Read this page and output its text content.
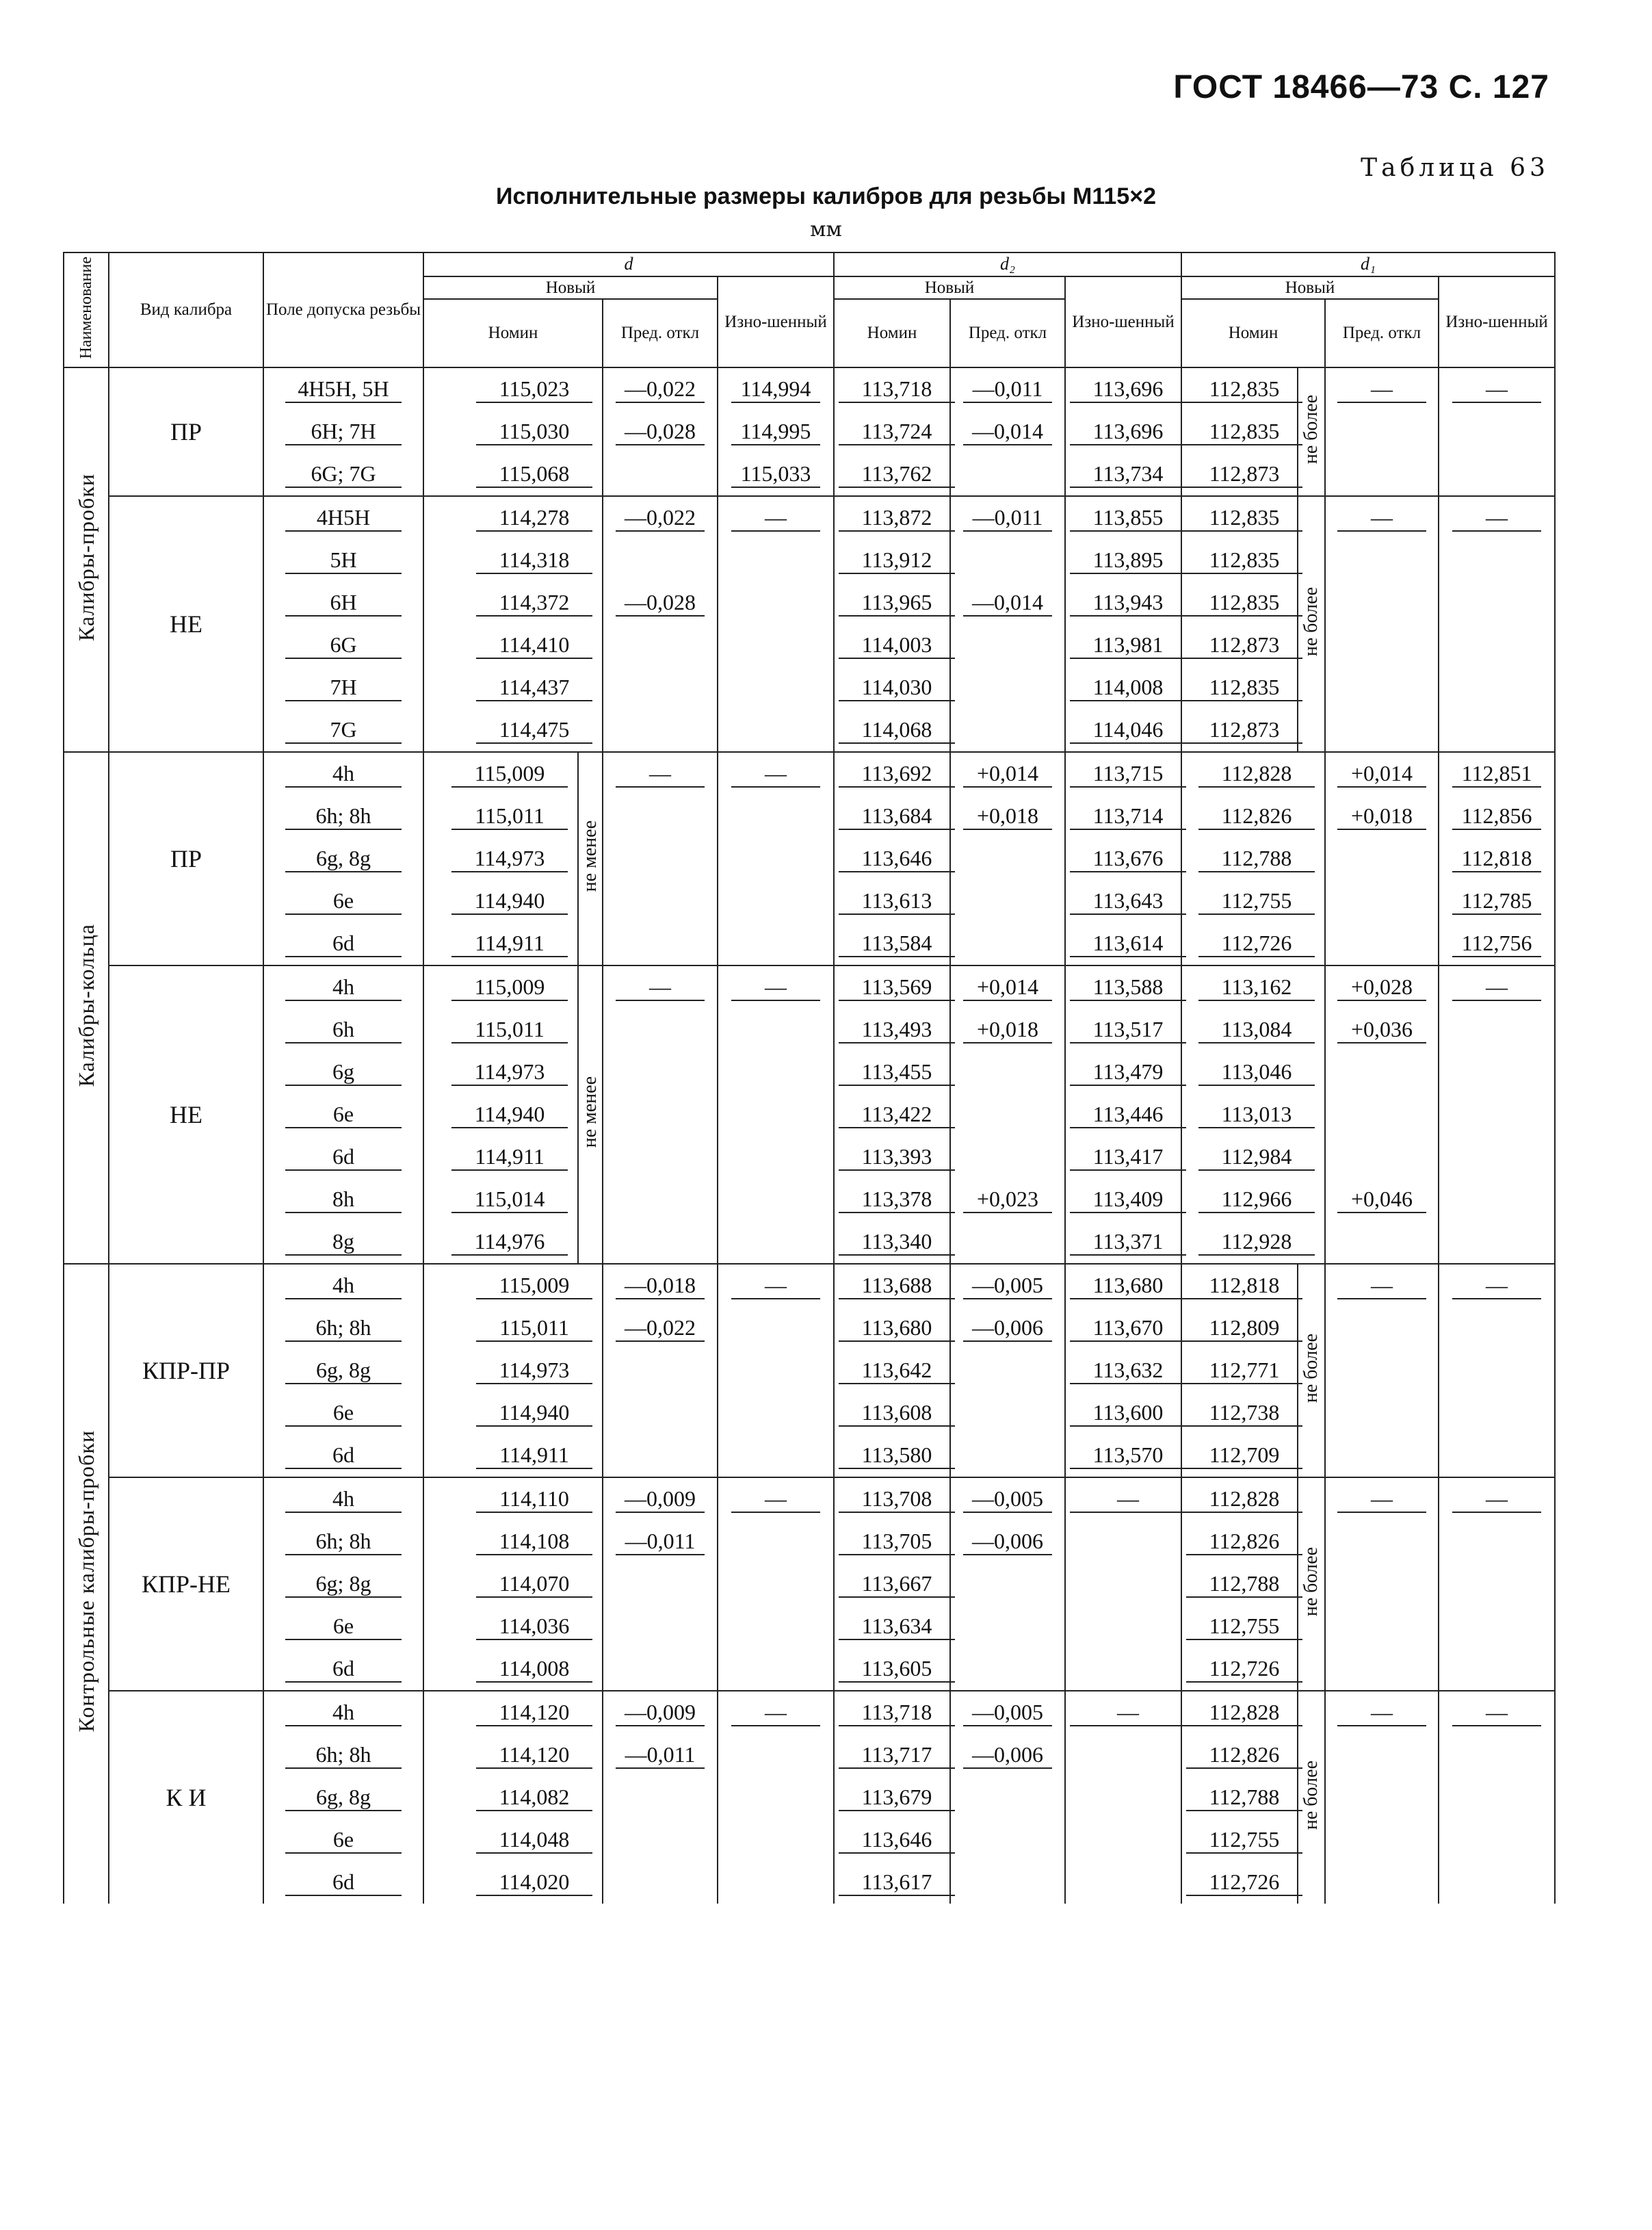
ГОСТ 18466—73 С. 127
Таблица 63
Исполнительные размеры калибров для резьбы М115×2
мм
Наименование	Вид калибра	Поле допуска резьбы	d				d₂			d₁			
			Новый			Изно-шенный	Новый		Изно-шенный	Новый			Изно-шенный
			Номин		Пред. откл		Номин	Пред. откл		Номин		Пред. откл	
Калибры-пробки	ПР	4Н5Н, 5Н	115,023		—0,022	114,994	113,718	—0,011	113,696	112,835	не более	—	—
		6Н; 7Н	115,030		—0,028	114,995	113,724	—0,014	113,696	112,835			
		6G; 7G	115,068			115,033	113,762		113,734	112,873			
	НЕ	4Н5Н	114,278		—0,022	—	113,872	—0,011	113,855	112,835	не более	—	—
		5Н	114,318				113,912		113,895	112,835			
		6Н	114,372		—0,028		113,965	—0,014	113,943	112,835			
		6G	114,410				114,003		113,981	112,873			
		7Н	114,437				114,030		114,008	112,835			
		7G	114,475				114,068		114,046	112,873			
Калибры-кольца	ПР	4h	115,009	не менее	—	—	113,692	+0,014	113,715	112,828		+0,014	112,851
		6h; 8h	115,011				113,684	+0,018	113,714	112,826		+0,018	112,856
		6g, 8g	114,973				113,646		113,676	112,788			112,818
		6e	114,940				113,613		113,643	112,755			112,785
		6d	114,911				113,584		113,614	112,726			112,756
	НЕ	4h	115,009	не менее	—	—	113,569	+0,014	113,588	113,162		+0,028	—
		6h	115,011				113,493	+0,018	113,517	113,084		+0,036	
		6g	114,973				113,455		113,479	113,046			
		6e	114,940				113,422		113,446	113,013			
		6d	114,911				113,393		113,417	112,984			
		8h	115,014				113,378	+0,023	113,409	112,966		+0,046	
		8g	114,976				113,340		113,371	112,928			
Контрольные калибры-пробки	КПР-ПР	4h	115,009		—0,018	—	113,688	—0,005	113,680	112,818	не более	—	—
		6h; 8h	115,011		—0,022		113,680	—0,006	113,670	112,809			
		6g, 8g	114,973				113,642		113,632	112,771			
		6e	114,940				113,608		113,600	112,738			
		6d	114,911				113,580		113,570	112,709			
	КПР-НЕ	4h	114,110		—0,009	—	113,708	—0,005	—	112,828	не более	—	—
		6h; 8h	114,108		—0,011		113,705	—0,006		112,826			
		6g; 8g	114,070				113,667			112,788			
		6e	114,036				113,634			112,755			
		6d	114,008				113,605			112,726			
	К И	4h	114,120		—0,009	—	113,718	—0,005	—	112,828	не более	—	—
		6h; 8h	114,120		—0,011		113,717	—0,006		112,826			
		6g, 8g	114,082				113,679			112,788			
		6e	114,048				113,646			112,755			
		6d	114,020				113,617			112,726			
